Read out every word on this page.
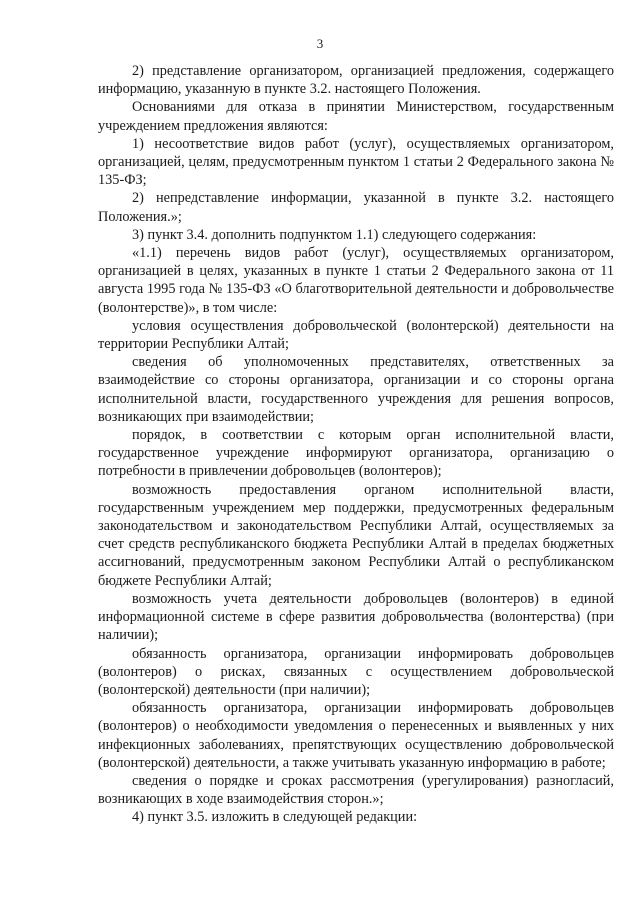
3

2) представление организатором, организацией предложения, содержащего информацию, указанную в пункте 3.2. настоящего Положения.

Основаниями для отказа в принятии Министерством, государственным учреждением предложения являются:

1) несоответствие видов работ (услуг), осуществляемых организатором, организацией, целям, предусмотренным пунктом 1 статьи 2 Федерального закона № 135-ФЗ;

2) непредставление информации, указанной в пункте 3.2. настоящего Положения.»;

3) пункт 3.4. дополнить подпунктом 1.1) следующего содержания:

«1.1) перечень видов работ (услуг), осуществляемых организатором, организацией в целях, указанных в пункте 1 статьи 2 Федерального закона от 11 августа 1995 года № 135-ФЗ «О благотворительной деятельности и добровольчестве (волонтерстве)», в том числе:

условия осуществления добровольческой (волонтерской) деятельности на территории Республики Алтай;

сведения об уполномоченных представителях, ответственных за взаимодействие со стороны организатора, организации и со стороны органа исполнительной власти, государственного учреждения для решения вопросов, возникающих при взаимодействии;

порядок, в соответствии с которым орган исполнительной власти, государственное учреждение информируют организатора, организацию о потребности в привлечении добровольцев (волонтеров);

возможность предоставления органом исполнительной власти, государственным учреждением мер поддержки, предусмотренных федеральным законодательством и законодательством Республики Алтай, осуществляемых за счет средств республиканского бюджета Республики Алтай в пределах бюджетных ассигнований, предусмотренным законом Республики Алтай о республиканском бюджете Республики Алтай;

возможность учета деятельности добровольцев (волонтеров) в единой информационной системе в сфере развития добровольчества (волонтерства) (при наличии);

обязанность организатора, организации информировать добровольцев (волонтеров) о рисках, связанных с осуществлением добровольческой (волонтерской) деятельности (при наличии);

обязанность организатора, организации информировать добровольцев (волонтеров) о необходимости уведомления о перенесенных и выявленных у них инфекционных заболеваниях, препятствующих осуществлению добровольческой (волонтерской) деятельности, а также учитывать указанную информацию в работе;

сведения о порядке и сроках рассмотрения (урегулирования) разногласий, возникающих в ходе взаимодействия сторон.»;

4) пункт 3.5. изложить в следующей редакции:
